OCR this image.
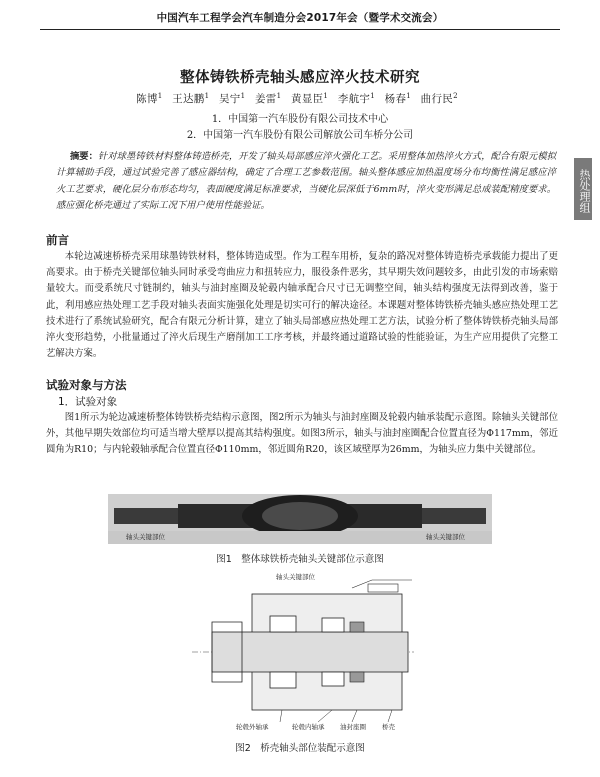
中国汽车工程学会汽车制造分会2017年会（暨学术交流会）
热处理组
整体铸铁桥壳轴头感应淬火技术研究
陈博$^1$ 王达鹏$^1$ 吴宁$^1$ 姜雷$^1$ 黄显臣$^1$ 李航宇$^1$ 杨春$^1$ 曲行民$^2$
1．中国第一汽车股份有限公司技术中心
2．中国第一汽车股份有限公司解放公司车桥分公司
摘要：针对球墨铸铁材料整体铸造桥壳，开发了轴头局部感应淬火强化工艺。采用整体加热淬火方式，配合有限元模拟计算辅助手段，通过试验完善了感应器结构，确定了合理工艺参数范围。轴头整体感应加热温度场分布均衡性满足感应淬火工艺要求，硬化层分布形态均匀，表面硬度满足标准要求，当硬化层深低于6mm时，淬火变形满足总成装配精度要求。感应强化桥壳通过了实际工况下用户使用性能验证。
前言
本轮边减速桥桥壳采用球墨铸铁材料，整体铸造成型。作为工程车用桥，复杂的路况对整体铸造桥壳承载能力提出了更高要求。由于桥壳关键部位轴头同时承受弯曲应力和扭转应力，服役条件恶劣，其早期失效问题较多，由此引发的市场索赔量较大。而受系统尺寸链制约，轴头与油封座圈及轮毂内轴承配合尺寸已无调整空间，轴头结构强度无法得到改善，鉴于此，利用感应热处理工艺手段对轴头表面实施强化处理是切实可行的解决途径。本课题对整体铸铁桥壳轴头感应热处理工艺技术进行了系统试验研究，配合有限元分析计算，建立了轴头局部感应热处理工艺方法，试验分析了整体铸铁桥壳轴头局部淬火变形趋势，小批量通过了淬火后现生产磨削加工工序考核，并最终通过道路试验的性能验证，为生产应用提供了完整工艺解决方案。
试验对象与方法
1．试验对象
图1所示为轮边减速桥整体铸铁桥壳结构示意图，图2所示为轴头与油封座圈及轮毂内轴承装配示意图。除轴头关键部位外，其他早期失效部位均可适当增大壁厚以提高其结构强度。如图3所示，轴头与油封座圈配合位置直径为Φ117mm，邻近圆角为R10；与内轮毂轴承配合位置直径Φ110mm，邻近圆角R20，该区域壁厚为26mm，为轴头应力集中关键部位。
轴头关键部位	轴头关键部位
图1　整体球铁桥壳轴头关键部位示意图
轴头关键部位
轮毂外轴承	轮毂内轴承 油封座圈 桥壳
图2　桥壳轴头部位装配示意图
